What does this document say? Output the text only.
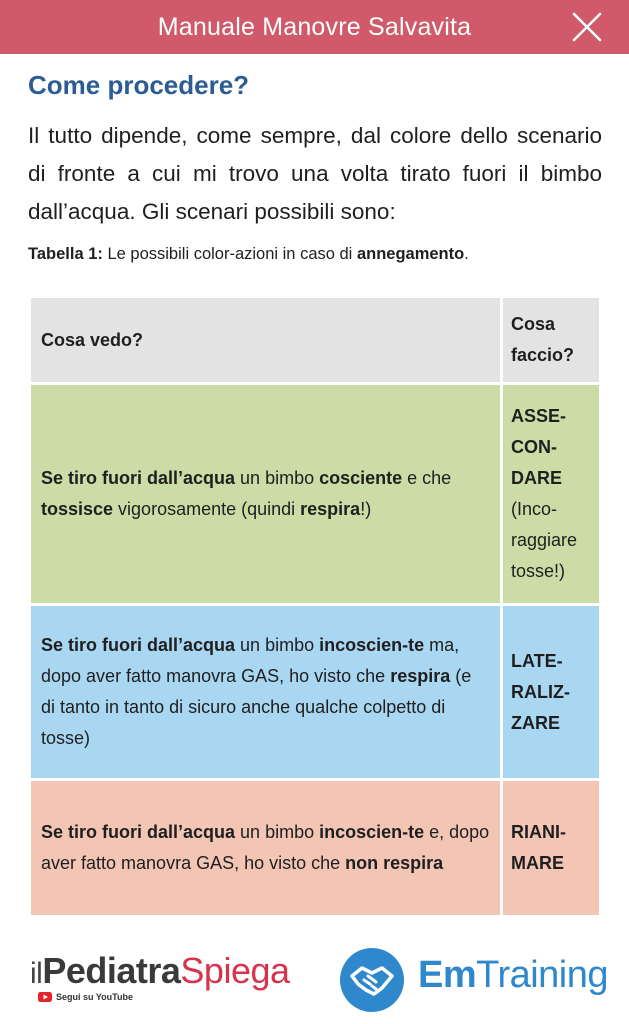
Manuale Manovre Salvavita
Come procedere?

Il tutto dipende, come sempre, dal colore dello scenario di fronte a cui mi trovo una volta tirato fuori il bimbo dall’acqua. Gli scenari possibili sono:

Tabella 1: Le possibili color-azioni in caso di annegamento.

Cosa vedo?	Cosa faccio?
Se tiro fuori dall’acqua un bimbo cosciente e che tossisce vigorosamente (quindi respira!)	ASSE-CON-DARE
(Inco-raggiare tosse!)

Se tiro fuori dall’acqua un bimbo incoscien-te ma, dopo aver fatto manovra GAS, ho visto che respira (e di tanto in tanto di sicuro anche qualche colpetto di tosse)	LATE-RALIZ-ZARE
Se tiro fuori dall’acqua un bimbo incoscien-te e, dopo aver fatto manovra GAS, ho visto che non respira	RIANI-MARE
ilPediatraSpiega
Segui su YouTube
EmTraining
